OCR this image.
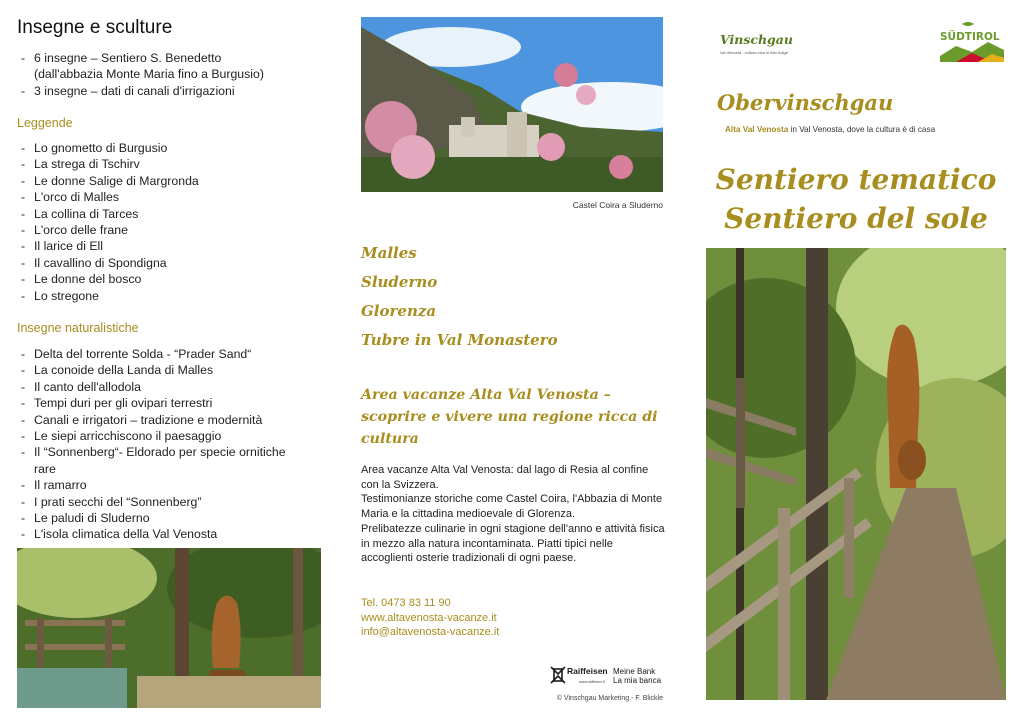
Insegne e sculture
- 6 insegne – Sentiero S. Benedetto (dall'abbazia Monte Maria fino a Burgusio)
- 3 insegne – dati di canali d'irrigazioni
Leggende
- Lo gnometto di Burgusio
- La strega di Tschirv
- Le donne Salige di Margronda
- L'orco di Malles
- La collina di Tarces
- L'orco delle frane
- Il larice di Ell
- Il cavallino di Spondigna
- Le donne del bosco
- Lo stregone
Insegne naturalistiche
- Delta del torrente Solda - “Prader Sand“
- La conoide della Landa di Malles
- Il canto dell'allodola
- Tempi duri per gli ovipari terrestri
- Canali e irrigatori – tradizione e modernità
- Le siepi arricchiscono il paesaggio
- Il “Sonnenberg“- Eldorado per specie ornitiche rare
- Il ramarro
- I prati secchi del “Sonnenberg”
- Le paludi di Sluderno
- L'isola climatica della Val Venosta
Castel Coira a Sluderno
Malles
Sluderno
Glorenza
Tubre in Val Monastero
Area vacanze Alta Val Venosta – scoprire e vivere una regione ricca di cultura
Area vacanze Alta Val Venosta: dal lago di Resia al confine con la Svizzera.
Testimonianze storiche come Castel Coira, l'Abbazia di Monte Maria e la cittadina medioevale di Glorenza.
Prelibatezze culinarie in ogni stagione dell'anno e attività fisica in mezzo alla natura incontaminata. Piatti tipici nelle accoglienti osterie tradizionali di ogni paese.
Tel. 0473 83 11 90
www.altavenosta-vacanze.it
info@altavenosta-vacanze.it
Raiffeisen Meine Bank
www.raiffeisen.it La mia banca
© Vinschgau Marketing - F. Blickle
Vinschgau
Val Venosta - cultura viva in Alto Adige
SÜDTIROL
Obervinschgau
Alta Val Venosta in Val Venosta, dove la cultura è di casa
Sentiero tematico
Sentiero del sole
